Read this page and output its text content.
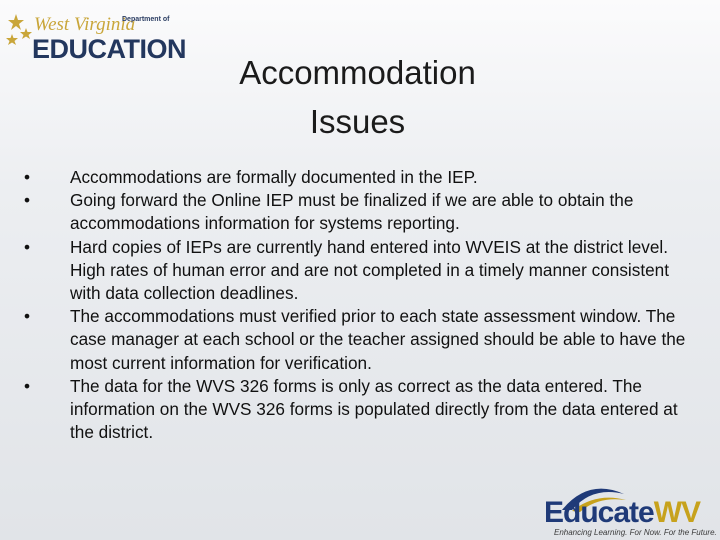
West Virginia
Department of
EDUCATION
Accommodation
Issues
• Accommodations are formally documented in the IEP.
• Going forward the Online IEP must be finalized if we are able to obtain the accommodations information for systems reporting.
• Hard copies of IEPs are currently hand entered into WVEIS at the district level. High rates of human error and are not completed in a timely manner consistent with data collection deadlines.
• The accommodations must verified prior to each state assessment window. The case manager at each school or the teacher assigned should be able to have the most current information for verification.
• The data for the WVS 326 forms is only as correct as the data entered. The information on the WVS 326 forms is populated directly from the data entered at the district.
EducateWV
Enhancing Learning. For Now. For the Future.
